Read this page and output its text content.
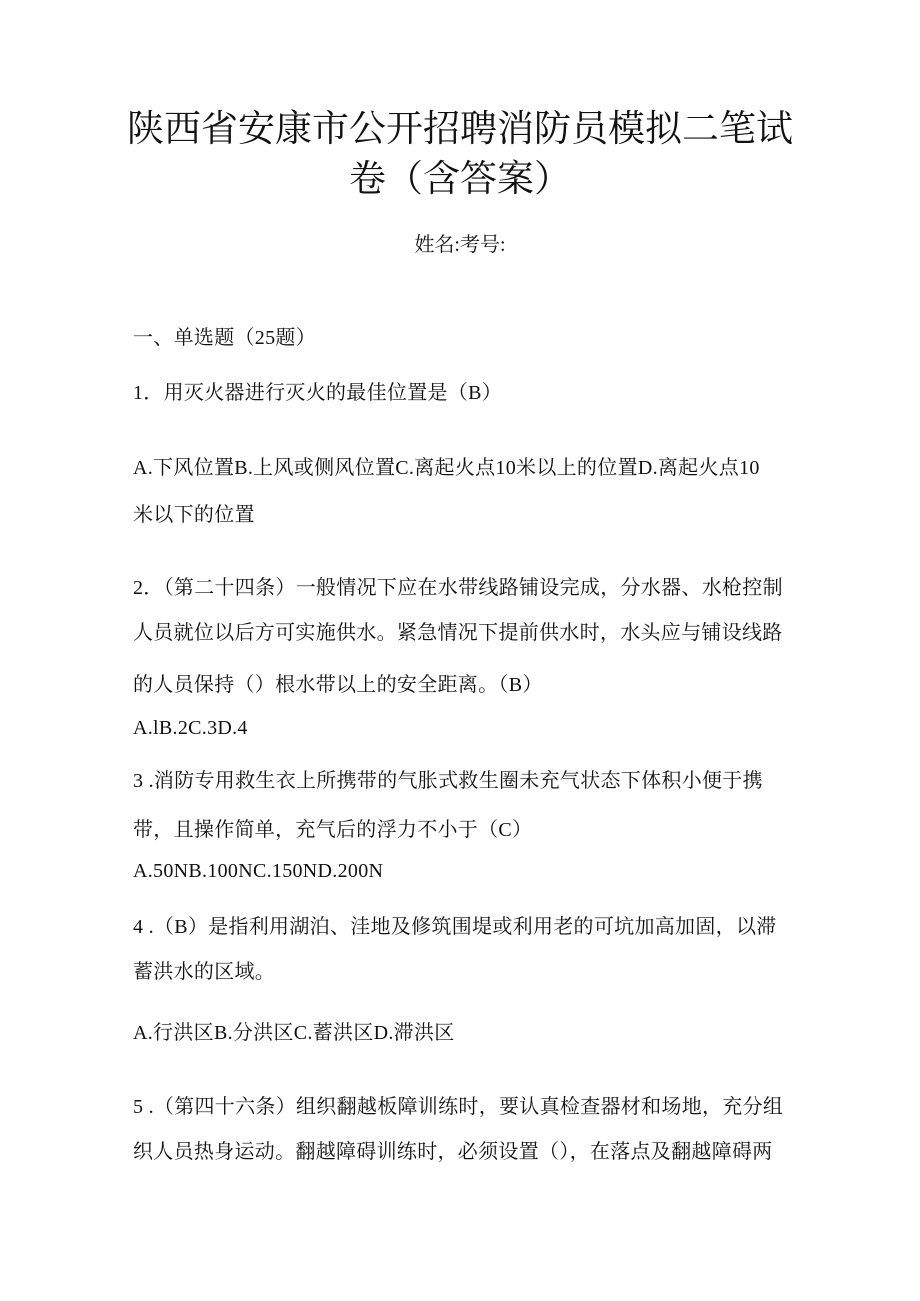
陕西省安康市公开招聘消防员模拟二笔试
卷（含答案）
姓名:考号:
一、单选题（25题）
1．用灭火器进行灭火的最佳位置是（B）
A.下风位置B.上风或侧风位置C.离起火点10米以上的位置D.离起火点10
米以下的位置
2．（第二十四条）一般情况下应在水带线路铺设完成，分水器、水枪控制
人员就位以后方可实施供水。紧急情况下提前供水时，水头应与铺设线路
的人员保持（）根水带以上的安全距离。（B）
A.lB.2C.3D.4
3 .消防专用救生衣上所携带的气胀式救生圈未充气状态下体积小便于携
带，且操作简单，充气后的浮力不小于（C）
A.50NB.100NC.150ND.200N
4 .（B）是指利用湖泊、洼地及修筑围堤或利用老的可坑加高加固，以滞
蓄洪水的区域。
A.行洪区B.分洪区C.蓄洪区D.滞洪区
5 .（第四十六条）组织翻越板障训练时，要认真检查器材和场地，充分组
织人员热身运动。翻越障碍训练时，必须设置（），在落点及翻越障碍两
